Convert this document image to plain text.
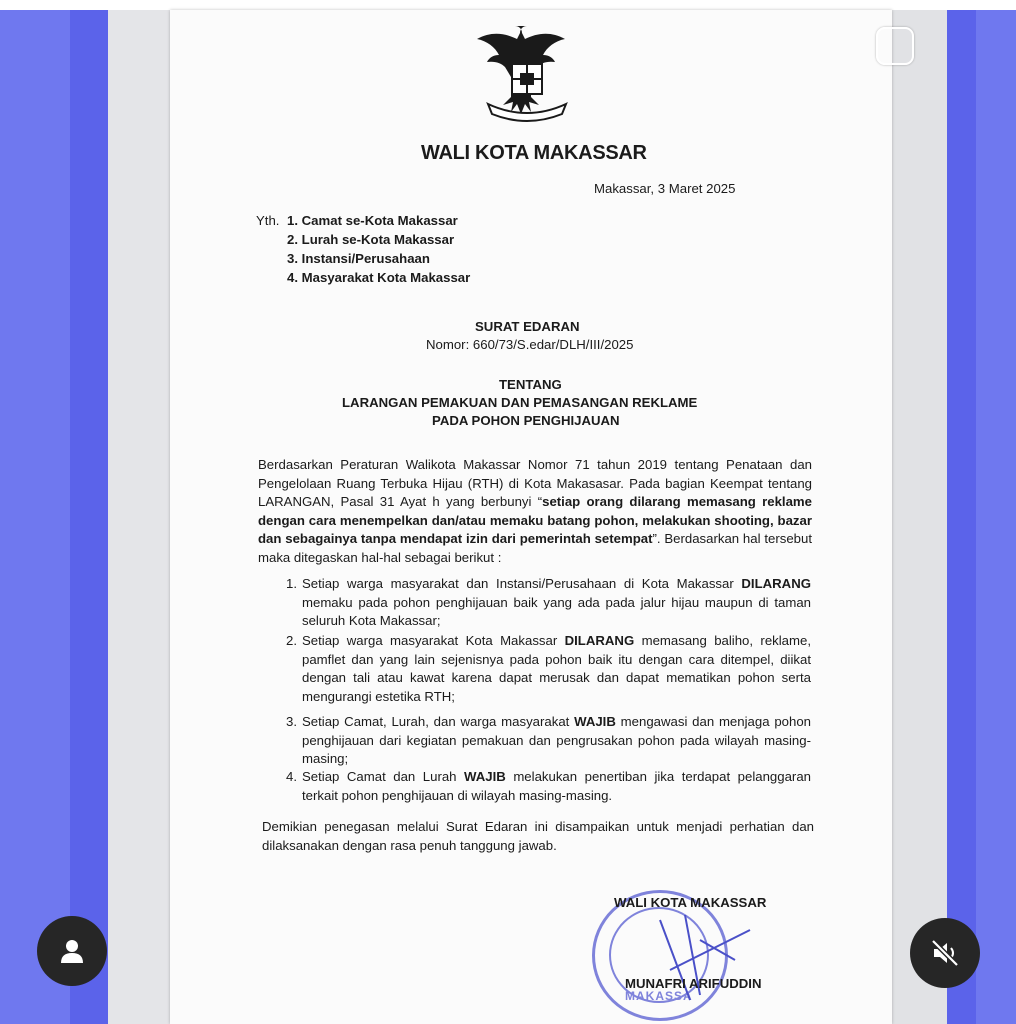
WALI KOTA MAKASSAR
Makassar, 3 Maret 2025
Yth. 1. Camat se-Kota Makassar
2. Lurah se-Kota Makassar
3. Instansi/Perusahaan
4. Masyarakat Kota Makassar
SURAT EDARAN
Nomor: 660/73/S.edar/DLH/III/2025
TENTANG
LARANGAN PEMAKUAN DAN PEMASANGAN REKLAME
PADA POHON PENGHIJAUAN
Berdasarkan Peraturan Walikota Makassar Nomor 71 tahun 2019 tentang Penataan dan Pengelolaan Ruang Terbuka Hijau (RTH) di Kota Makasasar. Pada bagian Keempat tentang LARANGAN, Pasal 31 Ayat h yang berbunyi “setiap orang dilarang memasang reklame dengan cara menempelkan dan/atau memaku batang pohon, melakukan shooting, bazar dan sebagainya tanpa mendapat izin dari pemerintah setempat”. Berdasarkan hal tersebut maka ditegaskan hal-hal sebagai berikut :
1. Setiap warga masyarakat dan Instansi/Perusahaan di Kota Makassar DILARANG memaku pada pohon penghijauan baik yang ada pada jalur hijau maupun di taman seluruh Kota Makassar;
2. Setiap warga masyarakat Kota Makassar DILARANG memasang baliho, reklame, pamflet dan yang lain sejenisnya pada pohon baik itu dengan cara ditempel, diikat dengan tali atau kawat karena dapat merusak dan dapat mematikan pohon serta mengurangi estetika RTH;
3. Setiap Camat, Lurah, dan warga masyarakat WAJIB mengawasi dan menjaga pohon penghijauan dari kegiatan pemakuan dan pengrusakan pohon pada wilayah masing-masing;
4. Setiap Camat dan Lurah WAJIB melakukan penertiban jika terdapat pelanggaran terkait pohon penghijauan di wilayah masing-masing.
Demikian penegasan melalui Surat Edaran ini disampaikan untuk menjadi perhatian dan dilaksanakan dengan rasa penuh tanggung jawab.
MAKASSA
WALI KOTA MAKASSAR
MUNAFRI ARIFUDDIN
